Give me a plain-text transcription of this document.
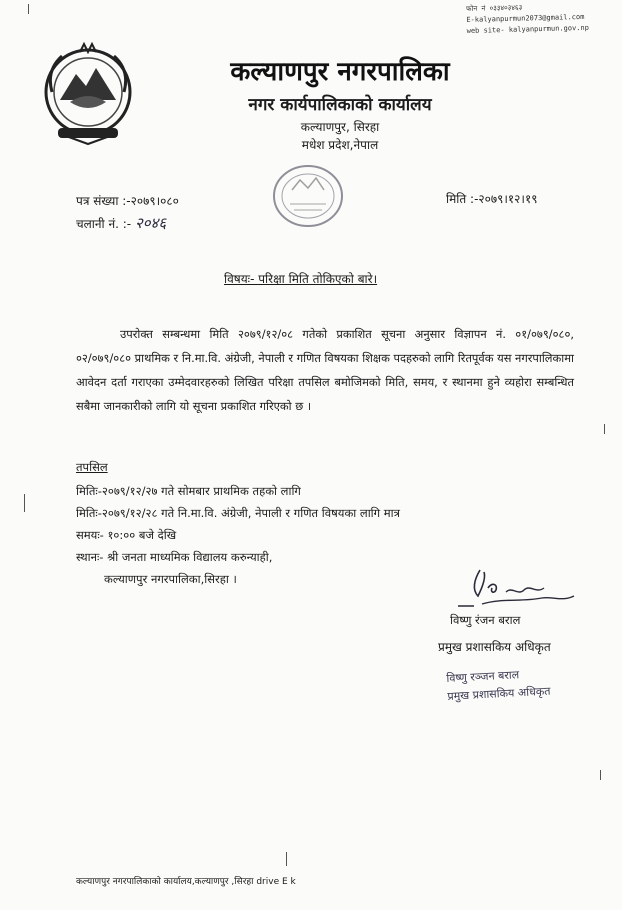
फोन नं ०३३४०३४६३
E-kalyanpurmun2073@gmail.com
web site- kalyanpurmun.gov.np
कल्याणपुर नगरपालिका
नगर कार्यपालिकाको कार्यालय
कल्याणपुर, सिरहा
मधेश प्रदेश,नेपाल
पत्र संख्या :-२०७९।०८०
चलानी नं. :- २०४६
मिति :-२०७९।१२।१९
विषयः- परिक्षा मिति तोकिएको बारे।
उपरोक्त सम्बन्धमा मिति २०७९/१२/०८ गतेको प्रकाशित सूचना अनुसार विज्ञापन नं. ०१/०७९/०८०, ०२/०७९/०८० प्राथमिक र नि.मा.वि. अंग्रेजी, नेपाली र गणित विषयका शिक्षक पदहरुको लागि रितपूर्वक यस नगरपालिकामा आवेदन दर्ता गराएका उम्मेदवारहरुको लिखित परिक्षा तपसिल बमोजिमको मिति, समय, र स्थानमा हुने व्यहोरा सम्बन्धित सबैमा जानकारीको लागि यो सूचना प्रकाशित गरिएको छ ।
तपसिल
मितिः-२०७९/१२/२७ गते सोमबार प्राथमिक तहको लागि
मितिः-२०७९/१२/२८ गते नि.मा.वि. अंग्रेजी, नेपाली र गणित विषयका लागि मात्र
समयः- १०:०० बजे देखि
स्थानः- श्री जनता माध्यमिक विद्यालय करुन्याही,
कल्याणपुर नगरपालिका,सिरहा ।
विष्णु रंजन बराल
प्रमुख प्रशासकिय अधिकृत
विष्णु रञ्जन बराल
प्रमुख प्रशासकिय अधिकृत
कल्याणपुर नगरपालिकाको कार्यालय,कल्याणपुर ,सिरहा drive E k
